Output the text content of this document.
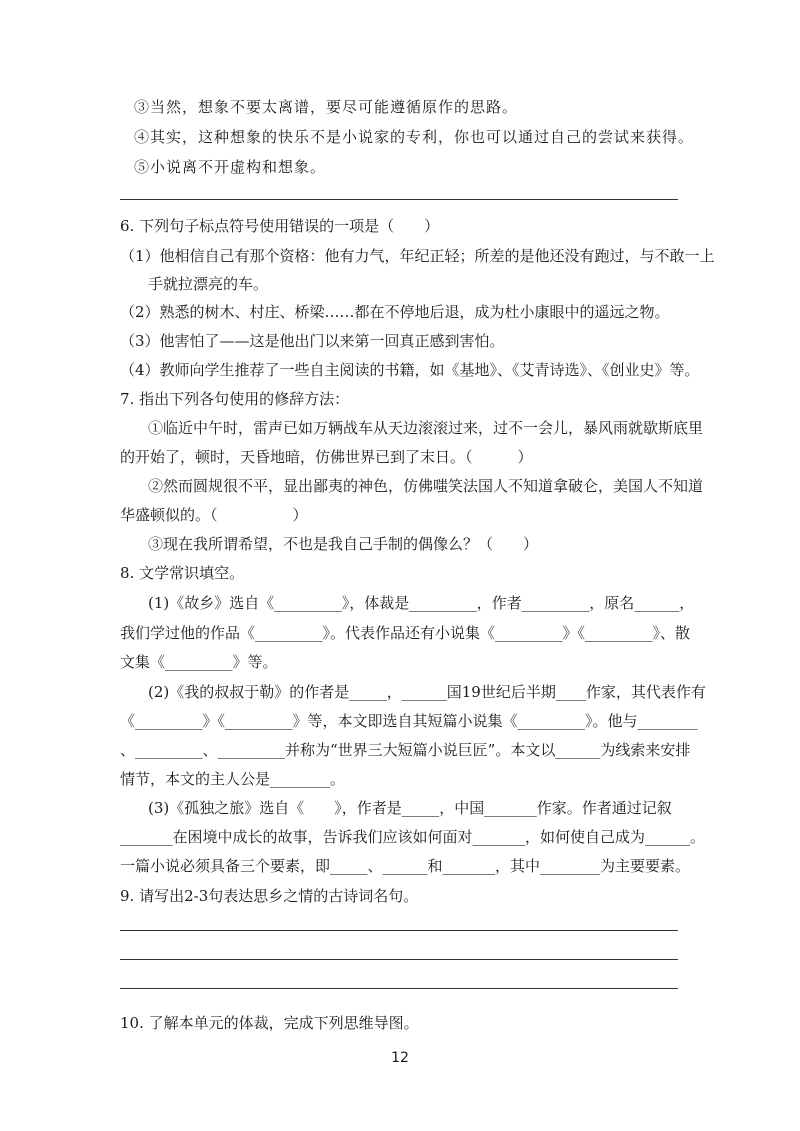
③当然，想象不要太离谱，要尽可能遵循原作的思路。
④其实，这种想象的快乐不是小说家的专利，你也可以通过自己的尝试来获得。
⑤小说离不开虚构和想象。
6. 下列句子标点符号使用错误的一项是（　　）
（1）他相信自己有那个资格：他有力气，年纪正轻；所差的是他还没有跑过，与不敢一上
手就拉漂亮的车。
（2）熟悉的树木、村庄、桥梁……都在不停地后退，成为杜小康眼中的遥远之物。
（3）他害怕了——这是他出门以来第一回真正感到害怕。
（4）教师向学生推荐了一些自主阅读的书籍，如《基地》、《艾青诗选》、《创业史》等。
7. 指出下列各句使用的修辞方法：
①临近中午时，雷声已如万辆战车从天边滚滚过来，过不一会儿，暴风雨就歇斯底里
的开始了，顿时，天昏地暗，仿佛世界已到了末日。（　　　）
②然而圆规很不平，显出鄙夷的神色，仿佛嗤笑法国人不知道拿破仑，美国人不知道
华盛顿似的。（　　　　　）
③现在我所谓希望，不也是我自己手制的偶像么？（　　）
8. 文学常识填空。
(1)《故乡》选自《_________》，体裁是_________，作者_________，原名______，
我们学过他的作品《_________》。代表作品还有小说集《_________》《_________》、散
文集《_________》等。
(2)《我的叔叔于勒》的作者是_____，______国19世纪后半期____作家，其代表作有
《_________》《_________》等，本文即选自其短篇小说集《_________》。他与________
、_________、_________并称为“世界三大短篇小说巨匠”。本文以______为线索来安排
情节，本文的主人公是________。
(3)《孤独之旅》选自《　　》，作者是_____，中国_______作家。作者通过记叙
_______在困境中成长的故事，告诉我们应该如何面对_______，如何使自己成为______。
一篇小说必须具备三个要素，即_____、______和_______，其中________为主要要素。
9. 请写出2-3句表达思乡之情的古诗词名句。
10. 了解本单元的体裁，完成下列思维导图。
12
